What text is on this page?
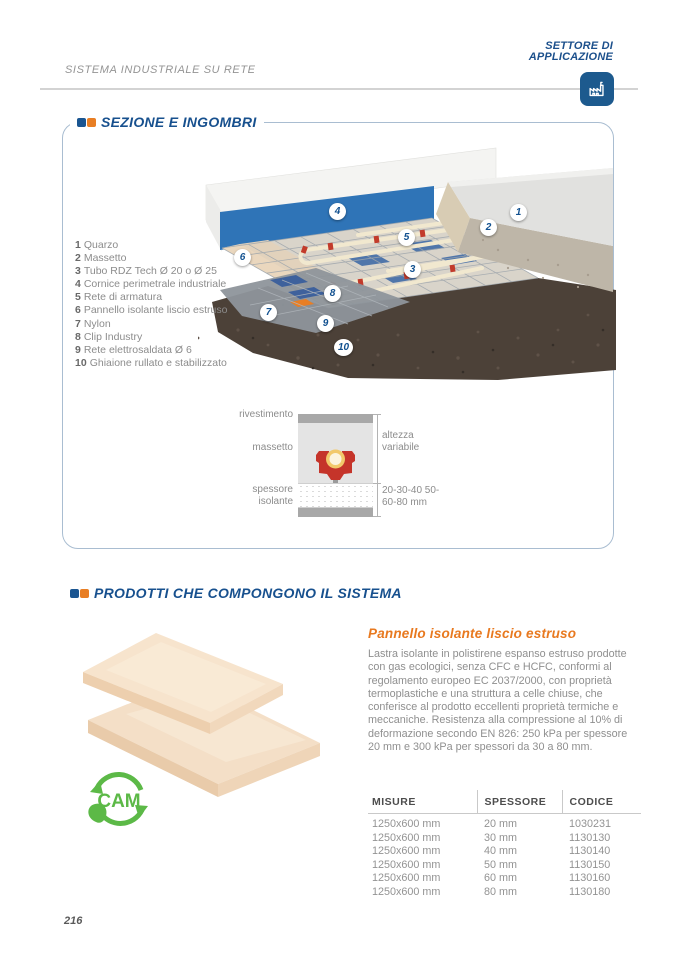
SISTEMA INDUSTRIALE SU RETE
SETTORE DI APPLICAZIONE
SEZIONE E INGOMBRI
4	1
2
5
6
3
8
7
9
10
1 Quarzo
2 Massetto
3 Tubo RDZ Tech Ø 20 o Ø 25
4 Cornice perimetrale industriale
5 Rete di armatura
6 Pannello isolante liscio estruso
7 Nylon
8 Clip Industry
9 Rete elettrosaldata Ø 6
10 Ghiaione rullato e stabilizzato
rivestimento
massetto
spessore isolante
altezza variabile
20-30-40 50-60-80 mm
PRODOTTI CHE COMPONGONO IL SISTEMA
CAM
Pannello isolante liscio estruso
Lastra isolante in polistirene espanso estruso prodotte con gas ecologici, senza CFC e HCFC, conformi al regolamento europeo EC 2037/2000, con proprietà termoplastiche e una struttura a celle chiuse, che conferisce al prodotto eccellenti proprietà termiche e meccaniche. Resistenza alla compressione al 10% di deformazione secondo EN 826: 250 kPa per spessore 20 mm e 300 kPa per spessori da 30 a 80 mm.
MISURE	SPESSORE	CODICE
1250x600 mm	20 mm	1030231
1250x600 mm	30 mm	1130130
1250x600 mm	40 mm	1130140
1250x600 mm	50 mm	1130150
1250x600 mm	60 mm	1130160
1250x600 mm	80 mm	1130180
216
